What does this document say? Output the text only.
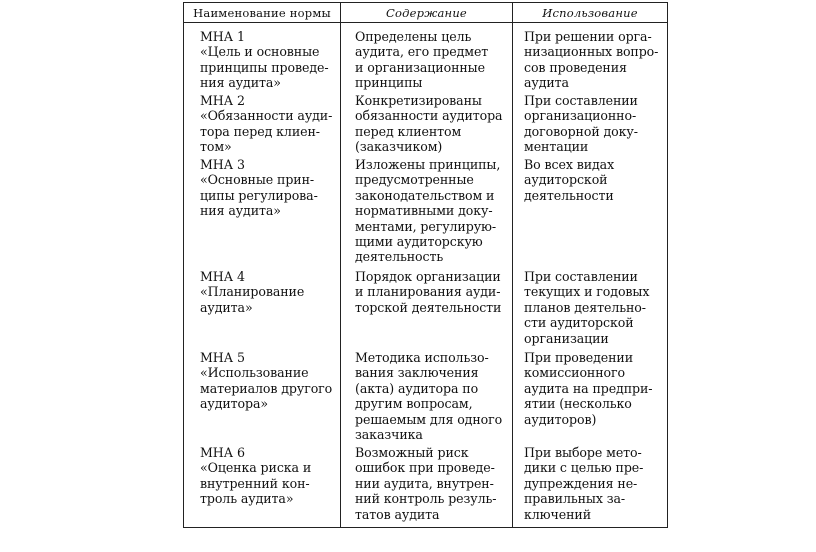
Наименование нормы	Содержание	Использование
МНА 1
«Цель и основные
принципы проведе-
ния аудита»
Определены цель
аудита, его предмет
и организационные
принципы
При решении орга-
низационных вопро-
сов проведения
аудита
МНА 2
«Обязанности ауди-
тора перед клиен-
том»
Конкретизированы
обязанности аудитора
перед клиентом
(заказчиком)
При составлении
организационно-
договорной доку-
ментации
МНА 3
«Основные прин-
ципы регулирова-
ния аудита»
Изложены принципы,
предусмотренные
законодательством и
нормативными доку-
ментами, регулирую-
щими аудиторскую
деятельность
Во всех видах
аудиторской
деятельности
МНА 4
«Планирование
аудита»
Порядок организации
и планирования ауди-
торской деятельности
При составлении
текущих и годовых
планов деятельно-
сти аудиторской
организации
МНА 5
«Использование
материалов другого
аудитора»
Методика использо-
вания заключения
(акта) аудитора по
другим вопросам,
решаемым для одного
заказчика
При проведении
комиссионного
аудита на предпри-
ятии (несколько
аудиторов)
МНА 6
«Оценка риска и
внутренний кон-
троль аудита»
Возможный риск
ошибок при проведе-
нии аудита, внутрен-
ний контроль резуль-
татов аудита
При выборе мето-
дики с целью пре-
дупреждения не-
правильных за-
ключений
